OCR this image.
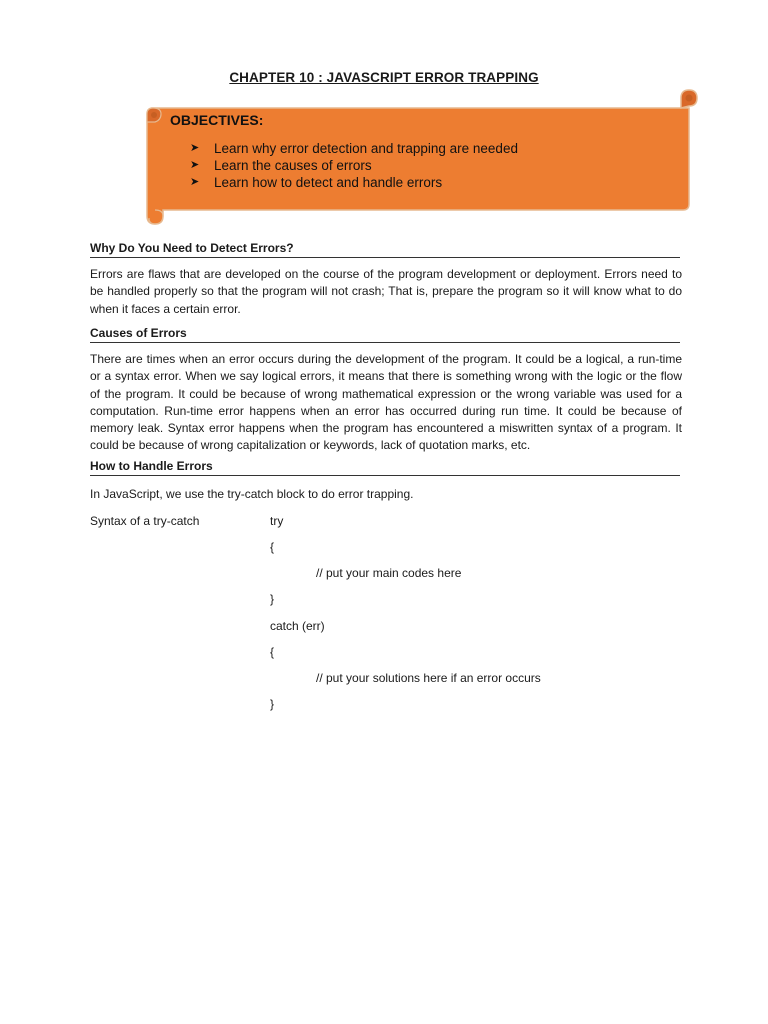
CHAPTER 10 : JAVASCRIPT ERROR TRAPPING
OBJECTIVES:
➤	Learn why error detection and trapping are needed
➤	Learn the causes of errors
➤	Learn how to detect and handle errors
Why Do You Need to Detect Errors?

Errors are flaws that are developed on the course of the program development or deployment. Errors need to be handled properly so that the program will not crash; That is, prepare the program so it will know what to do when it faces a certain error.

Causes of Errors

There are times when an error occurs during the development of the program. It could be a logical, a run-time or a syntax error. When we say logical errors, it means that there is something wrong with the logic or the flow of the program. It could be because of wrong mathematical expression or the wrong variable was used for a computation. Run-time error happens when an error has occurred during run time. It could be because of memory leak. Syntax error happens when the program has encountered a miswritten syntax of a program. It could be because of wrong capitalization or keywords, lack of quotation marks, etc.

How to Handle Errors
In JavaScript, we use the try-catch block to do error trapping.
Syntax of a try-catch	try
{
// put your main codes here
}
catch (err)
{
// put your solutions here if an error occurs
}
